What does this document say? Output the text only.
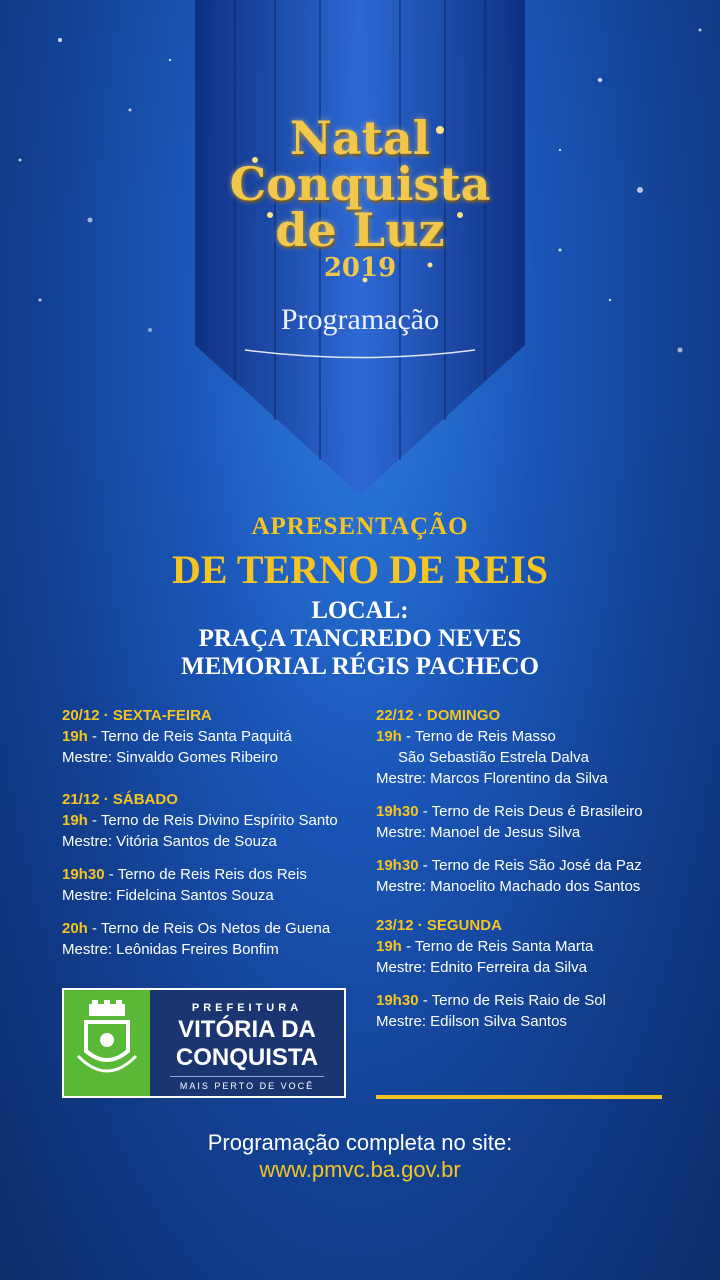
Natal
Conquista
de Luz
2019
Programação
APRESENTAÇÃO
DE TERNO DE REIS
LOCAL:
PRAÇA TANCREDO NEVES
MEMORIAL RÉGIS PACHECO
20/12 · SEXTA-FEIRA
19h - Terno de Reis Santa Paquitá
Mestre: Sinvaldo Gomes Ribeiro
21/12 · SÁBADO
19h - Terno de Reis Divino Espírito Santo
Mestre: Vitória Santos de Souza
19h30 - Terno de Reis Reis dos Reis
Mestre: Fidelcina Santos Souza
20h - Terno de Reis Os Netos de Guena
Mestre: Leônidas Freires Bonfim
22/12 · DOMINGO
19h - Terno de Reis Masso
São Sebastião Estrela Dalva
Mestre: Marcos Florentino da Silva
19h30 - Terno de Reis Deus é Brasileiro
Mestre: Manoel de Jesus Silva
19h30 - Terno de Reis São José da Paz
Mestre: Manoelito Machado dos Santos
23/12 · SEGUNDA
19h - Terno de Reis Santa Marta
Mestre: Ednito Ferreira da Silva
19h30 - Terno de Reis Raio de Sol
Mestre: Edilson Silva Santos
PREFEITURA
VITÓRIA DA
CONQUISTA
MAIS PERTO DE VOCÊ
Programação completa no site:
www.pmvc.ba.gov.br
